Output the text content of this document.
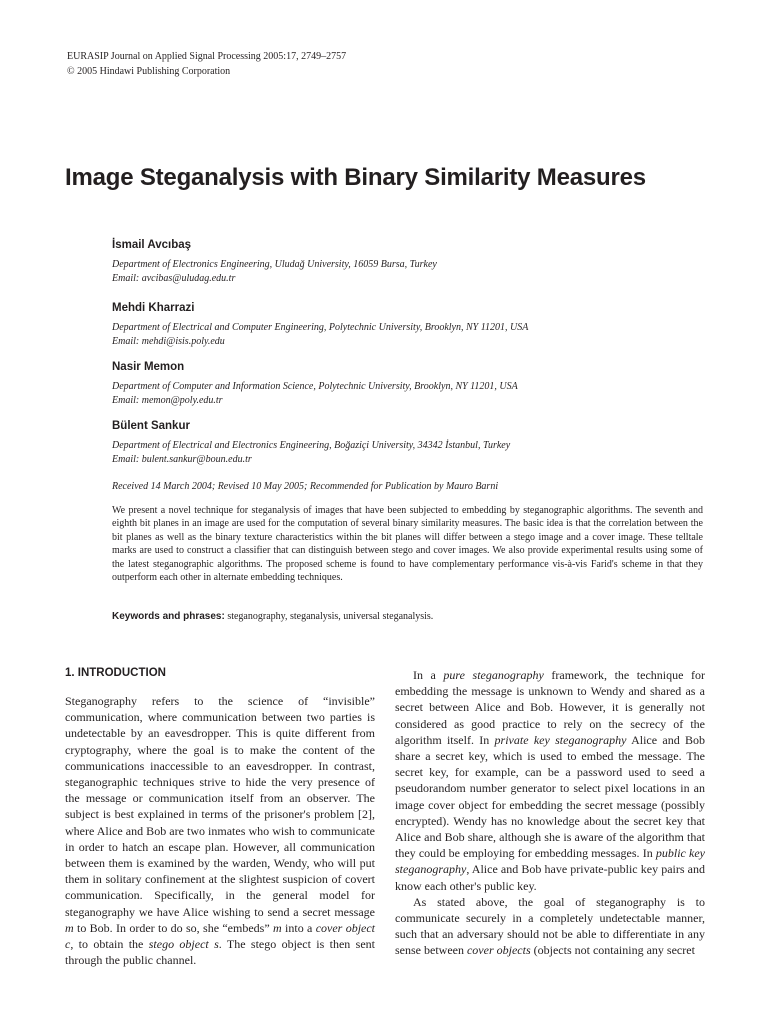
EURASIP Journal on Applied Signal Processing 2005:17, 2749–2757
© 2005 Hindawi Publishing Corporation
Image Steganalysis with Binary Similarity Measures
İsmail Avcıbaş
Department of Electronics Engineering, Uludağ University, 16059 Bursa, Turkey
Email: avcibas@uludag.edu.tr
Mehdi Kharrazi
Department of Electrical and Computer Engineering, Polytechnic University, Brooklyn, NY 11201, USA
Email: mehdi@isis.poly.edu
Nasir Memon
Department of Computer and Information Science, Polytechnic University, Brooklyn, NY 11201, USA
Email: memon@poly.edu.tr
Bülent Sankur
Department of Electrical and Electronics Engineering, Boğaziçi University, 34342 İstanbul, Turkey
Email: bulent.sankur@boun.edu.tr
Received 14 March 2004; Revised 10 May 2005; Recommended for Publication by Mauro Barni

We present a novel technique for steganalysis of images that have been subjected to embedding by steganographic algorithms. The seventh and eighth bit planes in an image are used for the computation of several binary similarity measures. The basic idea is that the correlation between the bit planes as well as the binary texture characteristics within the bit planes will differ between a stego image and a cover image. These telltale marks are used to construct a classifier that can distinguish between stego and cover images. We also provide experimental results using some of the latest steganographic algorithms. The proposed scheme is found to have complementary performance vis-à-vis Farid's scheme in that they outperform each other in alternate embedding techniques.

Keywords and phrases: steganography, steganalysis, universal steganalysis.
1. INTRODUCTION

Steganography refers to the science of “invisible” communication, where communication between two parties is undetectable by an eavesdropper. This is quite different from cryptography, where the goal is to make the content of the communications inaccessible to an eavesdropper. In contrast, steganographic techniques strive to hide the very presence of the message or communication itself from an observer. The subject is best explained in terms of the prisoner's problem [2], where Alice and Bob are two inmates who wish to communicate in order to hatch an escape plan. However, all communication between them is examined by the warden, Wendy, who will put them in solitary confinement at the slightest suspicion of covert communication. Specifically, in the general model for steganography we have Alice wishing to send a secret message m to Bob. In order to do so, she “embeds” m into a cover object c, to obtain the stego object s. The stego object is then sent through the public channel.

In a pure steganography framework, the technique for embedding the message is unknown to Wendy and shared as a secret between Alice and Bob. However, it is generally not considered as good practice to rely on the secrecy of the algorithm itself. In private key steganography Alice and Bob share a secret key, which is used to embed the message. The secret key, for example, can be a password used to seed a pseudorandom number generator to select pixel locations in an image cover object for embedding the secret message (possibly encrypted). Wendy has no knowledge about the secret key that Alice and Bob share, although she is aware of the algorithm that they could be employing for embedding messages. In public key steganography, Alice and Bob have private-public key pairs and know each other's public key.

As stated above, the goal of steganography is to communicate securely in a completely undetectable manner, such that an adversary should not be able to differentiate in any sense between cover objects (objects not containing any secret
